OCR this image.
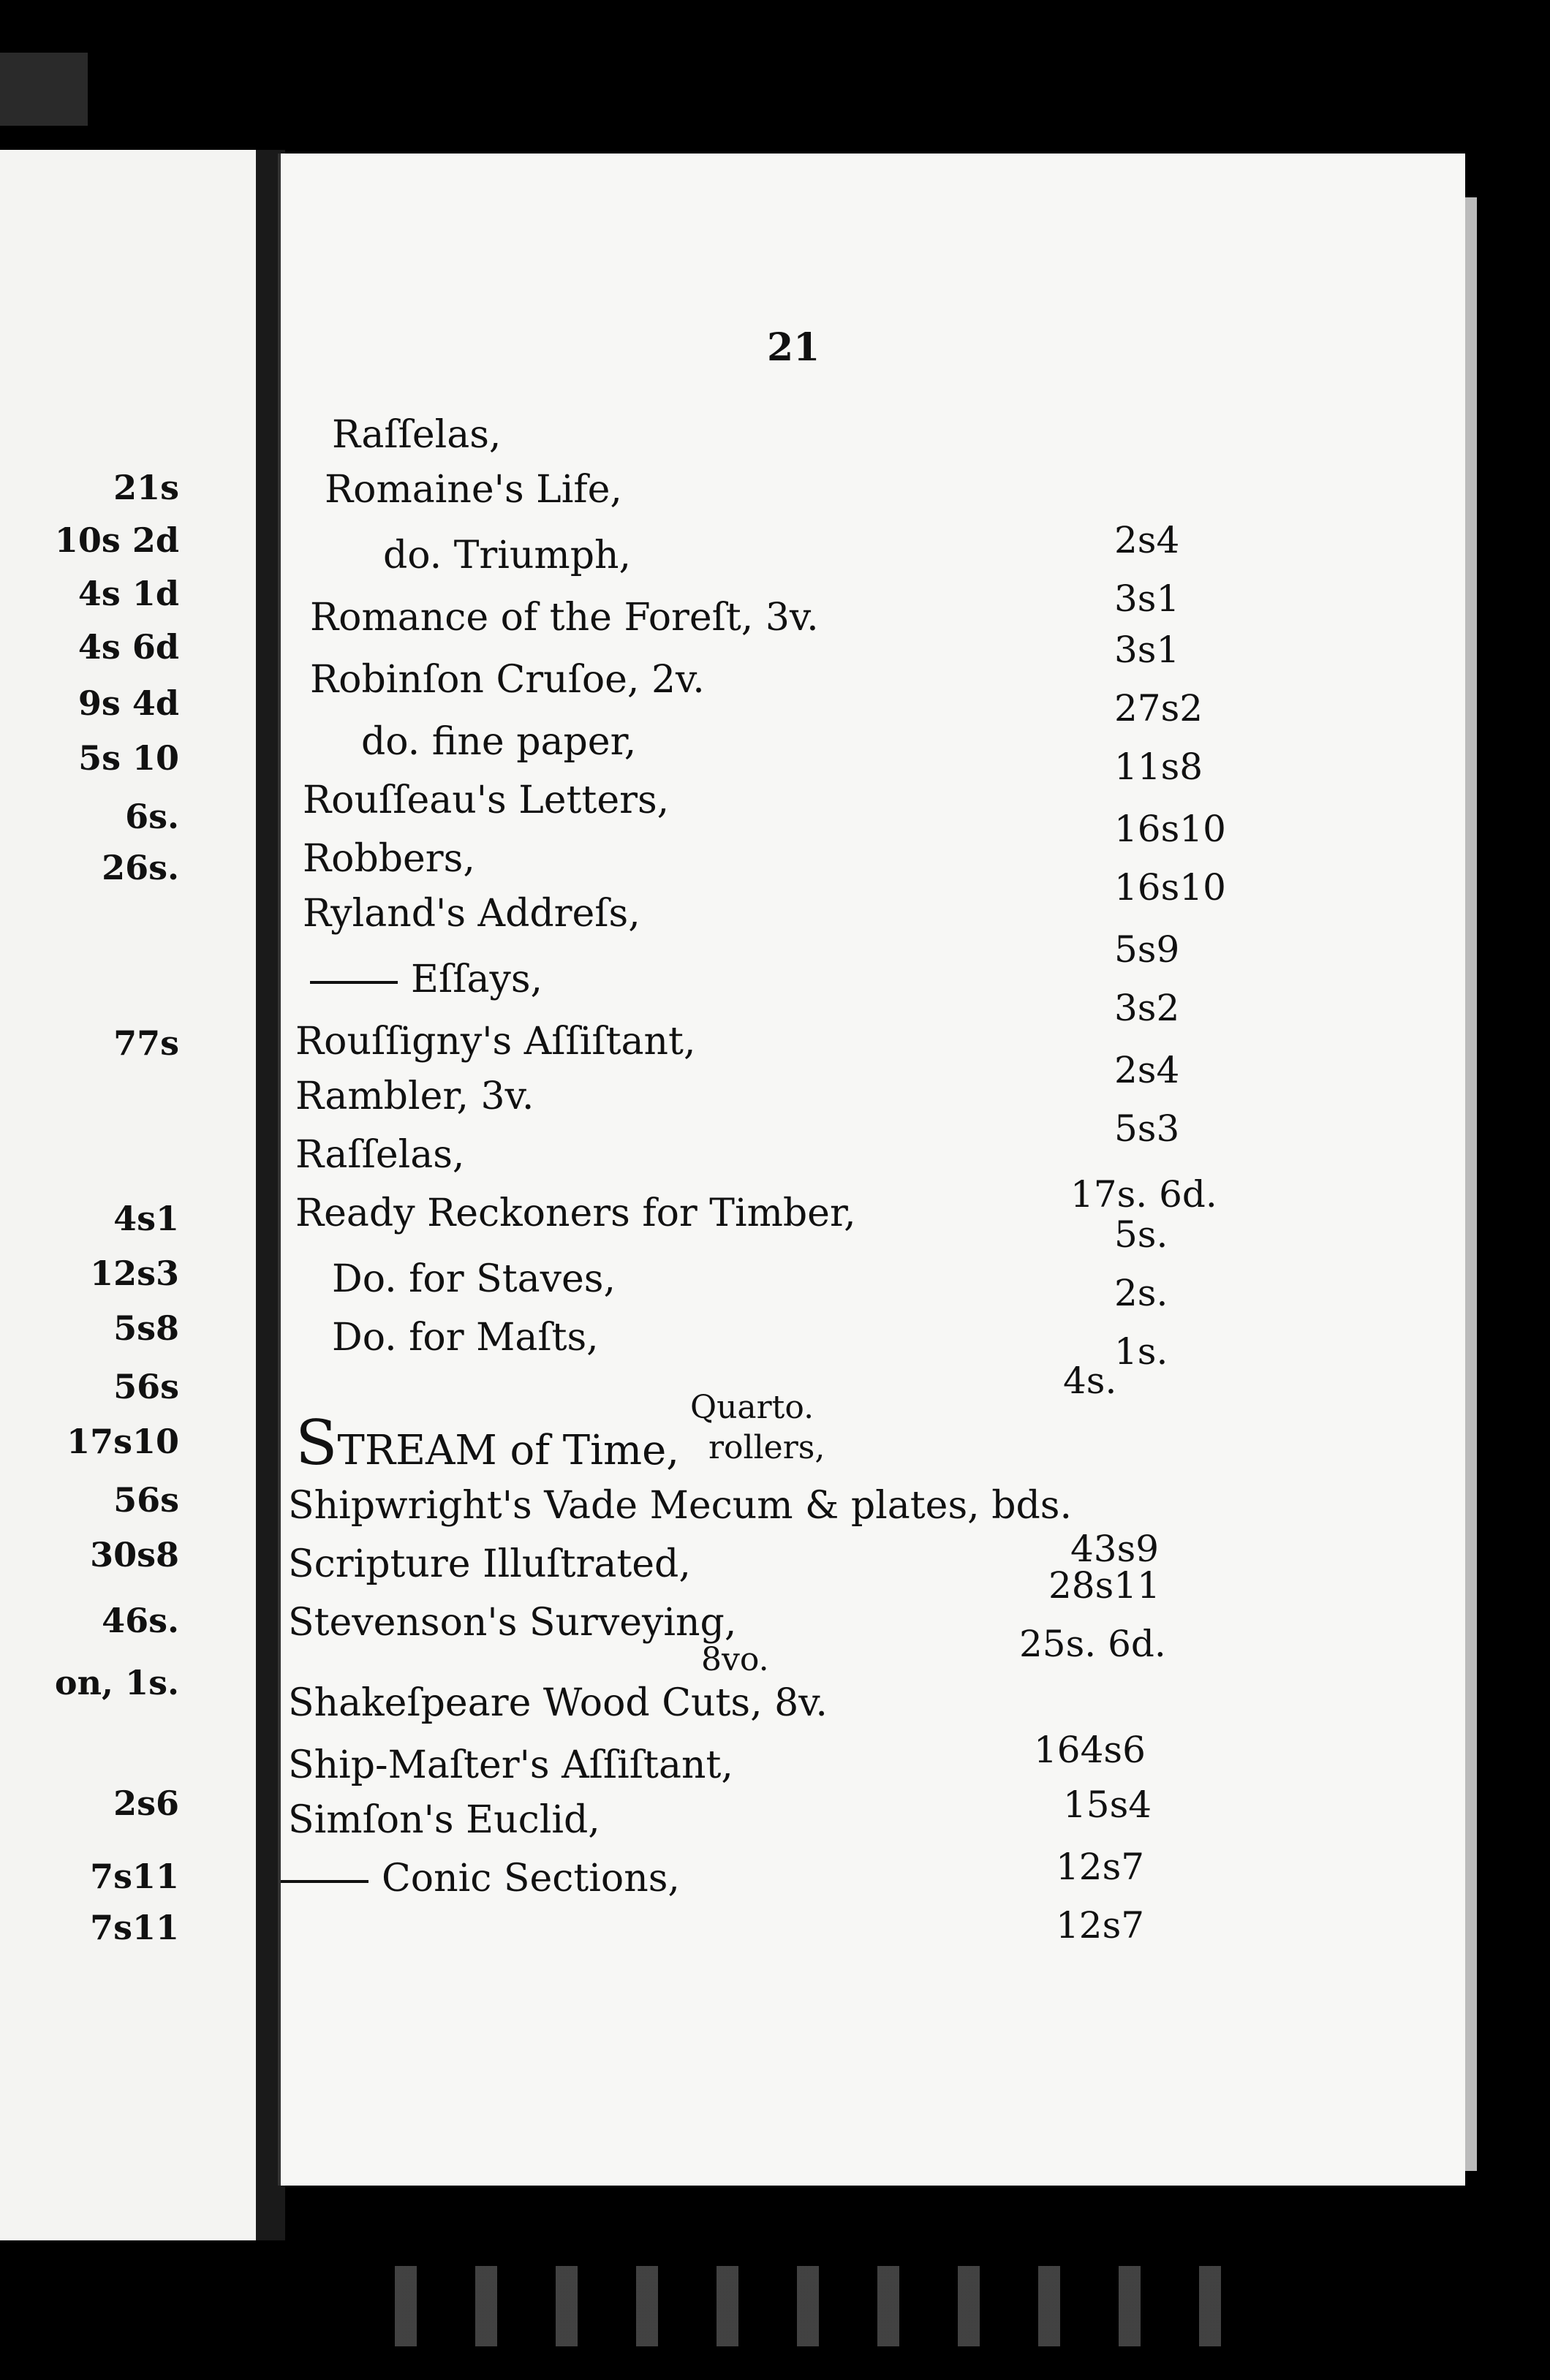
21s
10s 2d
4s 1d
4s 6d
9s 4d
5s 10
6s.
26s.
77s
4s1
12s3
5s8
56s
17s10
56s
30s8
46s.
on, 1s.
2s6
7s11
7s11
21
Raſſelas,
Romaine's Life,
do. Triumph,
Romance of the Foreſt, 3v.
Robinſon Cruſoe, 2v.
do. fine paper,
Rouſſeau's Letters,
Robbers,
Ryland's Addreſs,
Eſſays,
Rouſſigny's Aſſiſtant,
Rambler, 3v.
Raſſelas,
Ready Reckoners for Timber,
Do. for Staves,
Do. for Maſts,
2s4
3s1
3s1
27s2
11s8
16s10
16s10
5s9
3s2
2s4
5s3
17s. 6d.
5s.
2s.
1s.
4s.
STREAM of Time,
Quarto.
rollers,
Shipwright's Vade Mecum & plates, bds.
43s9
Scripture Illuſtrated,	28s11
Stevenson's Surveying,	25s. 6d.
Shakeſpeare Wood Cuts, 8v.
8vo.
164s6
Ship-Maſter's Aſſiſtant,
15s4
Simſon's Euclid,
12s7
Conic Sections,
12s7
